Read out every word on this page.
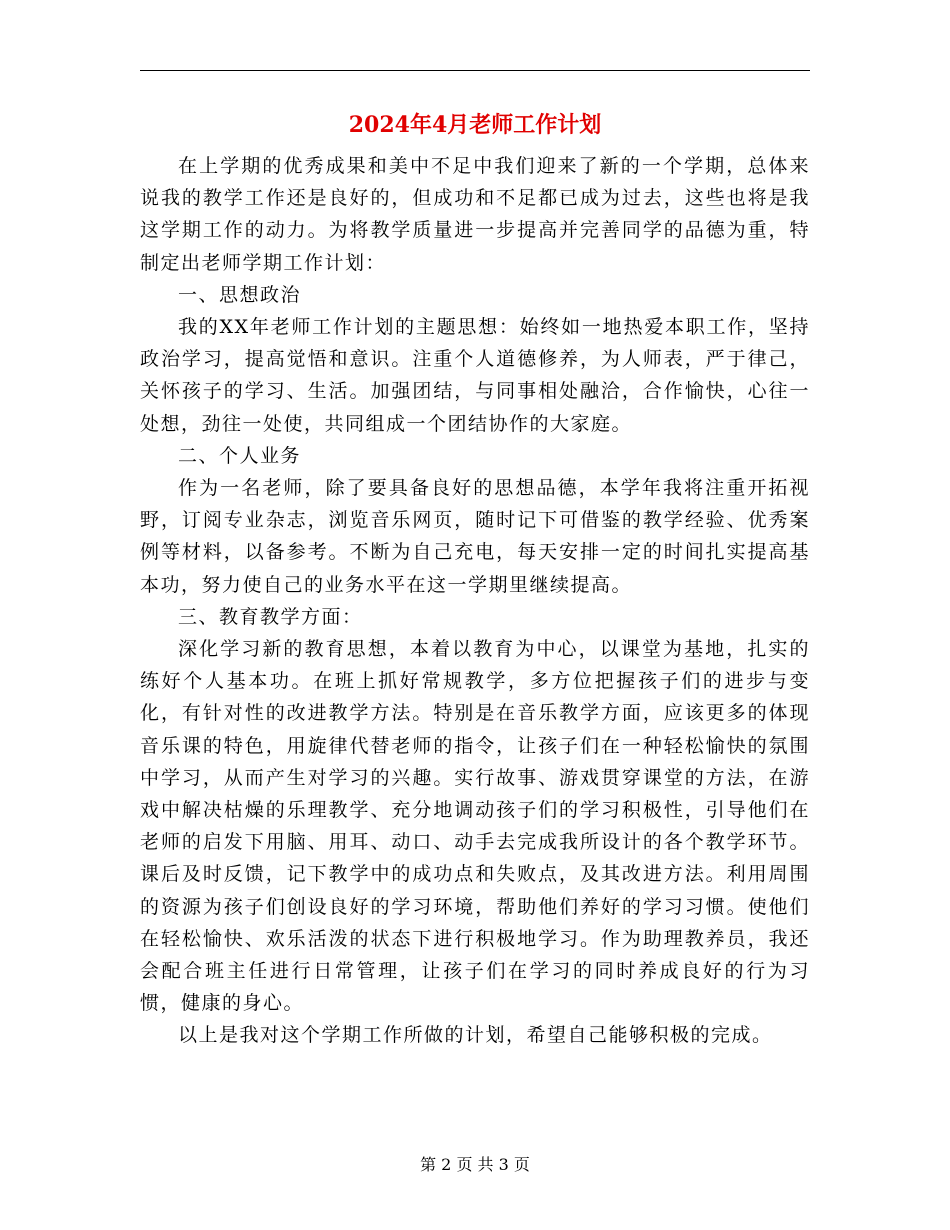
2024年4月老师工作计划

在上学期的优秀成果和美中不足中我们迎来了新的一个学期，总体来说我的教学工作还是良好的，但成功和不足都已成为过去，这些也将是我这学期工作的动力。为将教学质量进一步提高并完善同学的品德为重，特制定出老师学期工作计划：

一、思想政治

我的XX年老师工作计划的主题思想：始终如一地热爱本职工作，坚持政治学习，提高觉悟和意识。注重个人道德修养，为人师表，严于律己，关怀孩子的学习、生活。加强团结，与同事相处融洽，合作愉快，心往一处想，劲往一处使，共同组成一个团结协作的大家庭。

二、个人业务

作为一名老师，除了要具备良好的思想品德，本学年我将注重开拓视野，订阅专业杂志，浏览音乐网页，随时记下可借鉴的教学经验、优秀案例等材料，以备参考。不断为自己充电，每天安排一定的时间扎实提高基本功，努力使自己的业务水平在这一学期里继续提高。

三、教育教学方面：

深化学习新的教育思想，本着以教育为中心，以课堂为基地，扎实的练好个人基本功。在班上抓好常规教学，多方位把握孩子们的进步与变化，有针对性的改进教学方法。特别是在音乐教学方面，应该更多的体现音乐课的特色，用旋律代替老师的指令，让孩子们在一种轻松愉快的氛围中学习，从而产生对学习的兴趣。实行故事、游戏贯穿课堂的方法，在游戏中解决枯燥的乐理教学、充分地调动孩子们的学习积极性，引导他们在老师的启发下用脑、用耳、动口、动手去完成我所设计的各个教学环节。课后及时反馈，记下教学中的成功点和失败点，及其改进方法。利用周围的资源为孩子们创设良好的学习环境，帮助他们养好的学习习惯。使他们在轻松愉快、欢乐活泼的状态下进行积极地学习。作为助理教养员，我还会配合班主任进行日常管理，让孩子们在学习的同时养成良好的行为习惯，健康的身心。

以上是我对这个学期工作所做的计划，希望自己能够积极的完成。

第 2 页 共 3 页
